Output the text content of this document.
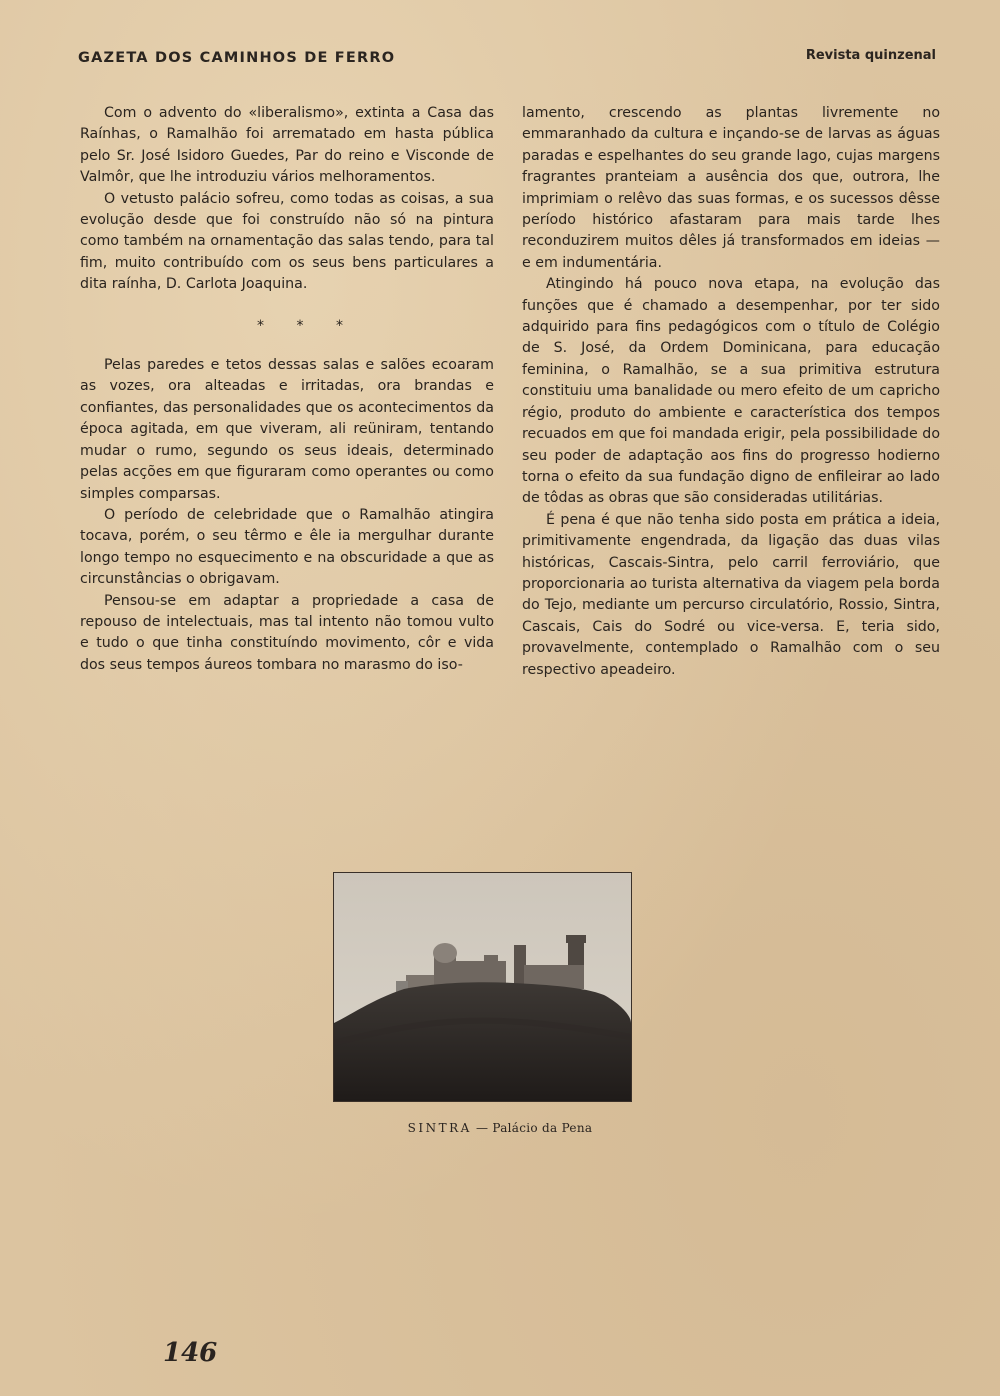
GAZETA DOS CAMINHOS DE FERRO	Revista quinzenal

Com o advento do «liberalismo», extinta a Casa das Raínhas, o Ramalhão foi arrematado em hasta pública pelo Sr. José Isidoro Guedes, Par do reino e Visconde de Valmôr, que lhe introduziu vários melhoramentos.

O vetusto palácio sofreu, como todas as coisas, a sua evolução desde que foi construído não só na pintura como também na ornamentação das salas tendo, para tal fim, muito contribuído com os seus bens particulares a dita raínha, D. Carlota Joaquina.

* * *

Pelas paredes e tetos dessas salas e salões ecoaram as vozes, ora alteadas e irritadas, ora brandas e confiantes, das personalidades que os acontecimentos da época agitada, em que viveram, ali reüniram, tentando mudar o rumo, segundo os seus ideais, determinado pelas acções em que figuraram como operantes ou como simples comparsas.

O período de celebridade que o Ramalhão atingira tocava, porém, o seu têrmo e êle ia mergulhar durante longo tempo no esquecimento e na obscuridade a que as circunstâncias o obrigavam.

Pensou-se em adaptar a propriedade a casa de repouso de intelectuais, mas tal intento não tomou vulto e tudo o que tinha constituíndo movimento, côr e vida dos seus tempos áureos tombara no marasmo do iso-

lamento, crescendo as plantas livremente no emmaranhado da cultura e inçando-se de larvas as águas paradas e espelhantes do seu grande lago, cujas margens fragrantes pranteiam a ausência dos que, outrora, lhe imprimiam o relêvo das suas formas, e os sucessos dêsse período histórico afastaram para mais tarde lhes reconduzirem muitos dêles já transformados em ideias — e em indumentária.

Atingindo há pouco nova etapa, na evolução das funções que é chamado a desempenhar, por ter sido adquirido para fins pedagógicos com o título de Colégio de S. José, da Ordem Dominicana, para educação feminina, o Ramalhão, se a sua primitiva estrutura constituiu uma banalidade ou mero efeito de um capricho régio, produto do ambiente e característica dos tempos recuados em que foi mandada erigir, pela possibilidade do seu poder de adaptação aos fins do progresso hodierno torna o efeito da sua fundação digno de enfileirar ao lado de tôdas as obras que são consideradas utilitárias.

É pena é que não tenha sido posta em prática a ideia, primitivamente engendrada, da ligação das duas vilas históricas, Cascais-Sintra, pelo carril ferroviário, que proporcionaria ao turista alternativa da viagem pela borda do Tejo, mediante um percurso circulatório, Rossio, Sintra, Cascais, Cais do Sodré ou vice-versa. E, teria sido, provavelmente, contemplado o Ramalhão com o seu respectivo apeadeiro.

SINTRA — Palácio da Pena
146
